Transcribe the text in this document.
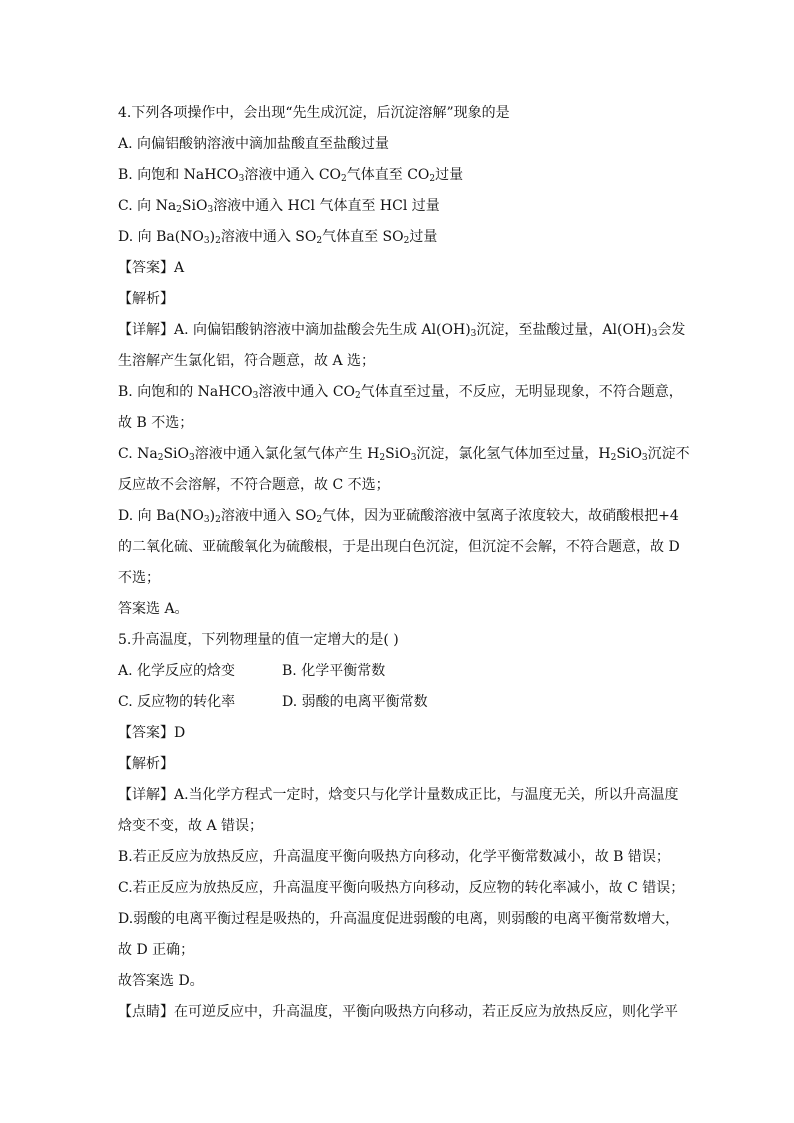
4.下列各项操作中，会出现“先生成沉淀，后沉淀溶解”现象的是
A. 向偏铝酸钠溶液中滴加盐酸直至盐酸过量
B. 向饱和 NaHCO$_3$溶液中通入 $CO_2$气体直至 $CO_2$过量
C. 向 $Na_2SiO_3$溶液中通入 HCl 气体直至 HCl 过量
D. 向 $Ba(NO_3)_2$溶液中通入 $SO_2$气体直至 $SO_2$过量
【答案】A
【解析】
【详解】A. 向偏铝酸钠溶液中滴加盐酸会先生成 $Al(OH)_3$沉淀，至盐酸过量，$Al(OH)_3$会发
生溶解产生氯化铝，符合题意，故 A 选；
B. 向饱和的 NaHCO$_3$溶液中通入 $CO_2$气体直至过量，不反应，无明显现象，不符合题意，
故 B 不选；
C. $Na_2SiO_3$溶液中通入氯化氢气体产生 $H_2SiO_3$沉淀，氯化氢气体加至过量，$H_2SiO_3$沉淀不
反应故不会溶解，不符合题意，故 C 不选；
D. 向 $Ba(NO_3)_2$溶液中通入 $SO_2$气体，因为亚硫酸溶液中氢离子浓度较大，故硝酸根把+4
的二氧化硫、亚硫酸氧化为硫酸根，于是出现白色沉淀，但沉淀不会解，不符合题意，故 D
不选；
答案选 A。
5.升高温度，下列物理量的值一定增大的是( )
A. 化学反应的焓变	B. 化学平衡常数
C. 反应物的转化率	D. 弱酸的电离平衡常数
【答案】D
【解析】
【详解】A.当化学方程式一定时，焓变只与化学计量数成正比，与温度无关，所以升高温度
焓变不变，故 A 错误；
B.若正反应为放热反应，升高温度平衡向吸热方向移动，化学平衡常数减小，故 B 错误；
C.若正反应为放热反应，升高温度平衡向吸热方向移动，反应物的转化率减小，故 C 错误；
D.弱酸的电离平衡过程是吸热的，升高温度促进弱酸的电离，则弱酸的电离平衡常数增大，
故 D 正确；
故答案选 D。
【点睛】在可逆反应中，升高温度，平衡向吸热方向移动，若正反应为放热反应，则化学平
